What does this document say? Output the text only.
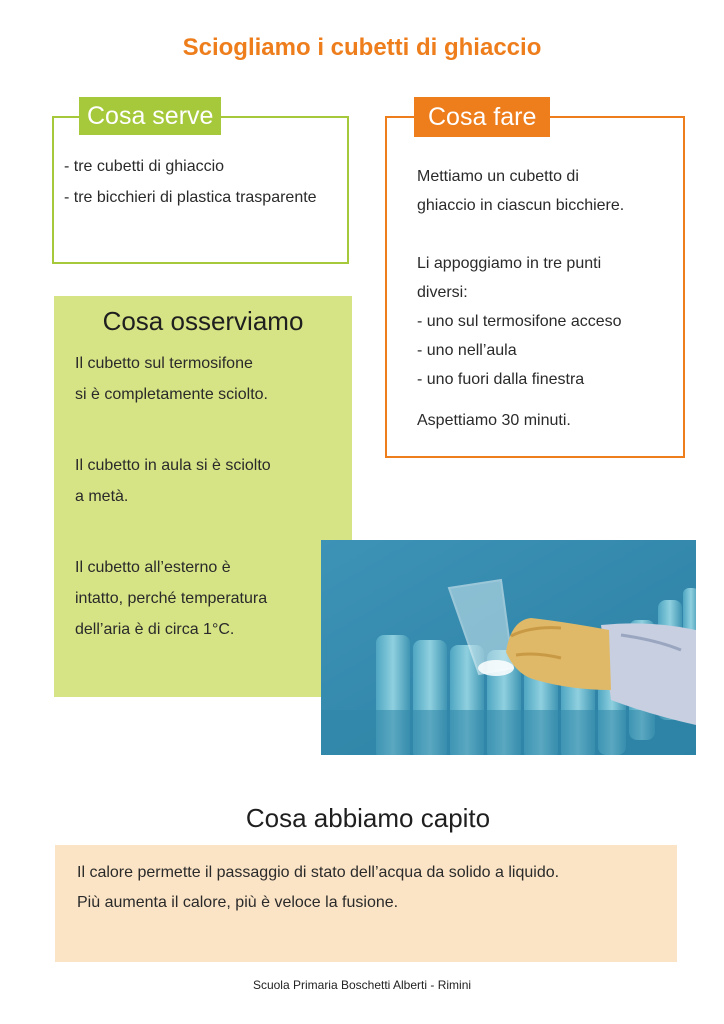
Sciogliamo i cubetti di ghiaccio
Cosa serve
- tre cubetti di ghiaccio
- tre bicchieri di plastica trasparente
Cosa fare
Mettiamo un cubetto di
ghiaccio in ciascun bicchiere.
Li appoggiamo in tre punti
diversi:
- uno sul termosifone acceso
- uno nell’aula
- uno fuori dalla finestra
Aspettiamo 30 minuti.
Cosa osserviamo
Il cubetto sul termosifone
si è completamente sciolto.
Il cubetto in aula si è sciolto
a metà.
Il cubetto all’esterno è
intatto, perché temperatura
dell’aria è di circa 1°C.
Cosa abbiamo capito
Il calore permette il passaggio di stato dell’acqua da solido a liquido.
Più aumenta il calore, più è veloce la fusione.
Scuola Primaria Boschetti Alberti - Rimini
